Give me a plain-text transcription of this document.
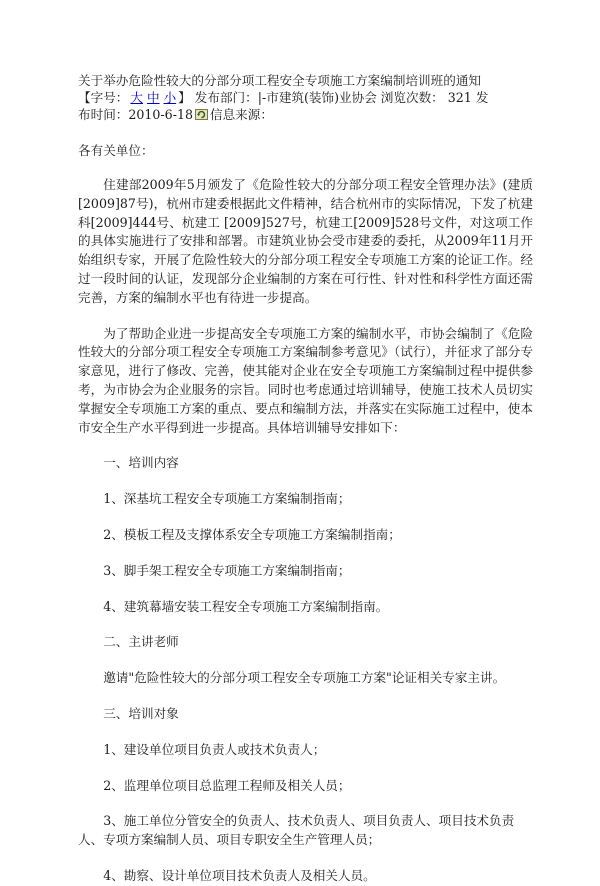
关于举办危险性较大的分部分项工程安全专项施工方案编制培训班的通知

【字号： 大 中 小 】 发布部门：|-市建筑(装饰)业协会 浏览次数： 321 发

布时间：2010-6-18 信息来源：

各有关单位：

住建部2009年5月颁发了《危险性较大的分部分项工程安全管理办法》(建质[2009]87号)，杭州市建委根据此文件精神，结合杭州市的实际情况，下发了杭建科[2009]444号、杭建工 [2009]527号，杭建工[2009]528号文件，对这项工作的具体实施进行了安排和部署。市建筑业协会受市建委的委托，从2009年11月开始组织专家，开展了危险性较大的分部分项工程安全专项施工方案的论证工作。经过一段时间的认证，发现部分企业编制的方案在可行性、针对性和科学性方面还需完善，方案的编制水平也有待进一步提高。

为了帮助企业进一步提高安全专项施工方案的编制水平，市协会编制了《危险性较大的分部分项工程安全专项施工方案编制参考意见》（试行），并征求了部分专家意见，进行了修改、完善，使其能对企业在安全专项施工方案编制过程中提供参考，为市协会为企业服务的宗旨。同时也考虑通过培训辅导，使施工技术人员切实掌握安全专项施工方案的重点、要点和编制方法，并落实在实际施工过程中，使本市安全生产水平得到进一步提高。具体培训辅导安排如下：

一、培训内容

1、深基坑工程安全专项施工方案编制指南；

2、模板工程及支撑体系安全专项施工方案编制指南；

3、脚手架工程安全专项施工方案编制指南；

4、建筑幕墙安装工程安全专项施工方案编制指南。

二、主讲老师

邀请"危险性较大的分部分项工程安全专项施工方案"论证相关专家主讲。

三、培训对象

1、建设单位项目负责人或技术负责人；

2、监理单位项目总监理工程师及相关人员；

3、施工单位分管安全的负责人、技术负责人、项目负责人、项目技术负责人、专项方案编制人员、项目专职安全生产管理人员；

4、勘察、设计单位项目技术负责人及相关人员。
